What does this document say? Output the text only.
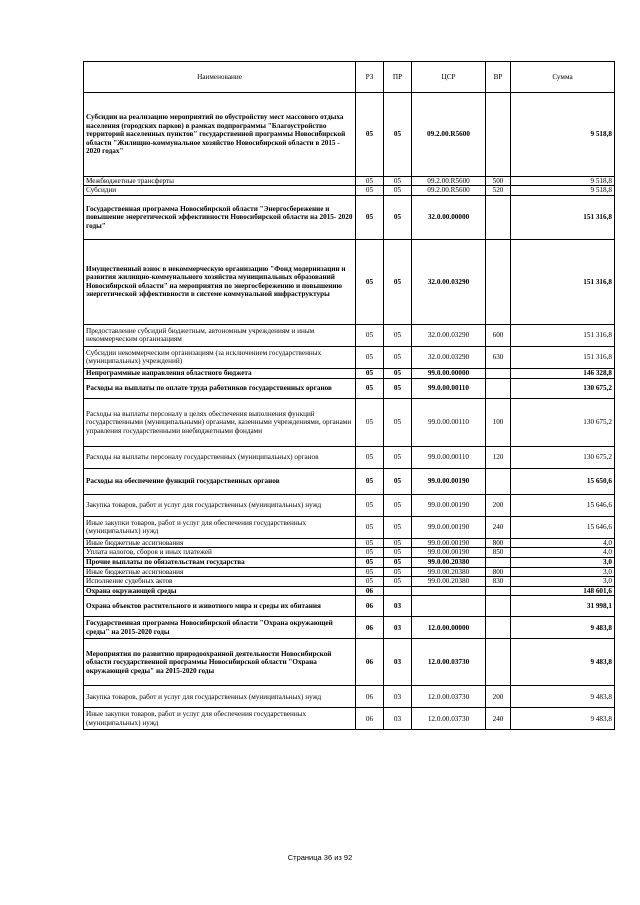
Наименование	РЗ	ПР	ЦСР	ВР	Сумма
Субсидии на реализацию мероприятий по обустройству мест массового отдыха населения (городских парков) в рамках подпрограммы "Благоустройство территорий населенных пунктов" государственной программы Новосибирской области "Жилищно-коммунальное хозяйство Новосибирской области в 2015 - 2020 годах"	05	05	09.2.00.R5600		9 518,8
Межбюджетные трансферты	05	05	09.2.00.R5600	500	9 518,8
Субсидии	05	05	09.2.00.R5600	520	9 518,8
Государственная программа Новосибирской области "Энергосбережение и повышение энергетической эффективности Новосибирской области на 2015- 2020 годы"	05	05	32.0.00.00000		151 316,8
Имущественный взнос в некоммерческую организацию "Фонд модернизации и развития жилищно-коммунального хозяйства муниципальных образований Новосибирской области" на мероприятия по энергосбережению и повышению энергетической эффективности в системе коммунальной инфраструктуры	05	05	32.0.00.03290		151 316,8
Предоставление субсидий бюджетным, автономным учреждениям и иным некоммерческим организациям	05	05	32.0.00.03290	600	151 316,8
Субсидии некоммерческим организациям (за исключением государственных (муниципальных) учреждений)	05	05	32.0.00.03290	630	151 316,8
Непрограммные направления областного бюджета	05	05	99.0.00.00000		146 328,8
Расходы на выплаты по оплате труда работников государственных органов	05	05	99.0.00.00110		130 675,2
Расходы на выплаты персоналу в целях обеспечения выполнения функций государственными (муниципальными) органами, казенными учреждениями, органами управления государственными внебюджетными фондами	05	05	99.0.00.00110	100	130 675,2
Расходы на выплаты персоналу государственных (муниципальных) органов	05	05	99.0.00.00110	120	130 675,2
Расходы на обеспечение функций государственных органов	05	05	99.0.00.00190		15 650,6
Закупка товаров, работ и услуг для государственных (муниципальных) нужд	05	05	99.0.00.00190	200	15 646,6
Иные закупки товаров, работ и услуг для обеспечения государственных (муниципальных) нужд	05	05	99.0.00.00190	240	15 646,6
Иные бюджетные ассигнования	05	05	99.0.00.00190	800	4,0
Уплата налогов, сборов и иных платежей	05	05	99.0.00.00190	850	4,0
Прочие выплаты по обязательствам государства	05	05	99.0.00.20380		3,0
Иные бюджетные ассигнования	05	05	99.0.00.20380	800	3,0
Исполнение судебных актов	05	05	99.0.00.20380	830	3,0
Охрана окружающей среды	06				148 601,6
Охрана объектов растительного и животного мира и среды их обитания	06	03			31 998,1
Государственная программа Новосибирской области "Охрана окружающей среды" на 2015-2020 годы	06	03	12.0.00.00000		9 483,8
Мероприятия по развитию природоохранной деятельности Новосибирской области государственной программы Новосибирской области "Охрана окружающей среды" на 2015-2020 годы	06	03	12.0.00.03730		9 483,8
Закупка товаров, работ и услуг для государственных (муниципальных) нужд	06	03	12.0.00.03730	200	9 483,8
Иные закупки товаров, работ и услуг для обеспечения государственных (муниципальных) нужд	06	03	12.0.00.03730	240	9 483,8
Страница 36 из 92
